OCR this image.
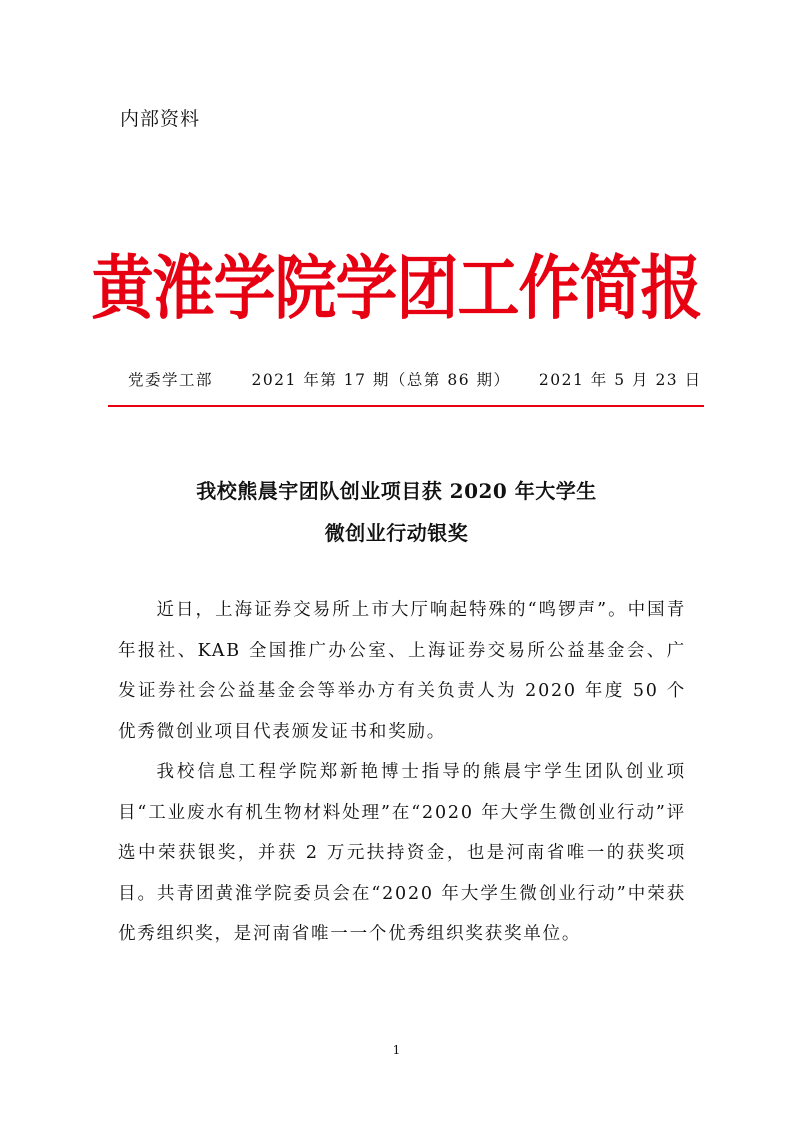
内部资料
黄淮学院学团工作简报
党委学工部 2021 年第 17 期（总第 86 期） 2021 年 5 月 23 日
我校熊晨宇团队创业项目获 2020 年大学生
微创业行动银奖

近日，上海证券交易所上市大厅响起特殊的“鸣锣声”。中国青年报社、KAB 全国推广办公室、上海证券交易所公益基金会、广发证券社会公益基金会等举办方有关负责人为 2020 年度 50 个优秀微创业项目代表颁发证书和奖励。

我校信息工程学院郑新艳博士指导的熊晨宇学生团队创业项目“工业废水有机生物材料处理”在“2020 年大学生微创业行动”评选中荣获银奖，并获 2 万元扶持资金，也是河南省唯一的获奖项目。共青团黄淮学院委员会在“2020 年大学生微创业行动”中荣获优秀组织奖，是河南省唯一一个优秀组织奖获奖单位。

1
